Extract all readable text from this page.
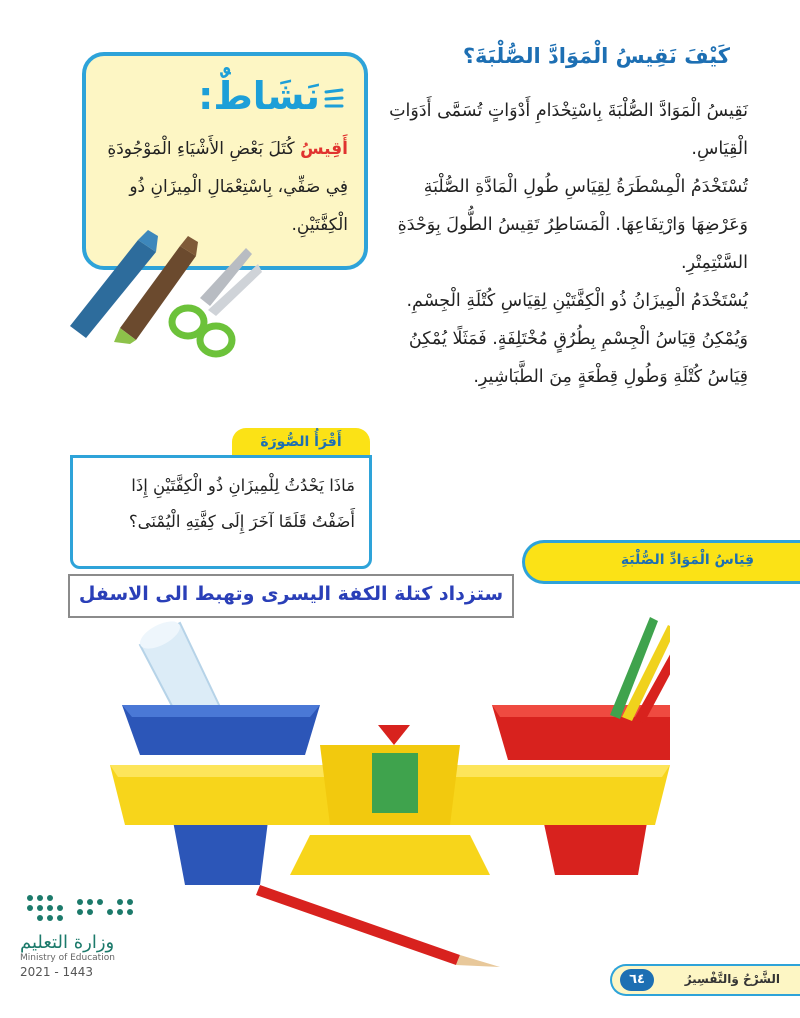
كَيْفَ نَقِيسُ الْمَوَادَّ الصُّلْبَةَ؟

نَقِيسُ الْمَوَادَّ الصُّلْبَةَ بِاسْتِخْدَامِ أَدْوَاتٍ تُسَمَّى أَدَوَاتِ الْقِيَاسِ.

تُسْتَخْدَمُ الْمِسْطَرَةُ لِقِيَاسِ طُولِ الْمَادَّةِ الصُّلْبَةِ وَعَرْضِهَا وَارْتِفَاعِهَا. الْمَسَاطِرُ تَقِيسُ الطُّولَ بِوَحْدَةِ السَّنْتِمِتْرِ.

يُسْتَخْدَمُ الْمِيزَانُ ذُو الْكِفَّتَيْنِ لِقِيَاسِ كُتْلَةِ الْجِسْمِ. وَيُمْكِنُ قِيَاسُ الْجِسْمِ بِطُرُقٍ مُخْتَلِفَةٍ. فَمَثَلًا يُمْكِنُ قِيَاسُ كُتْلَةِ وَطُولِ قِطْعَةٍ مِنَ الطَّبَاشِيرِ.

نَشَاطٌ:
أَقِيسُ كُتَلَ بَعْضِ الأَشْيَاءِ الْمَوْجُودَةِ فِي صَفِّي، بِاسْتِعْمَالِ الْمِيزَانِ ذُو الْكِفَّتَيْنِ.
أَقْرَأُ الصُّورَةَ
مَاذَا يَحْدُثُ لِلْمِيزَانِ ذُو الْكِفَّتَيْنِ إِذَا أَضَفْتُ قَلَمًا آخَرَ إِلَى كِفَّتِهِ الْيُمْنَى؟
قِيَاسُ الْمَوَادِّ الصُّلْبَةِ
ستزداد كتلة الكفة اليسرى وتهبط الى الاسفل
وزارة التعليم
Ministry of Education
2021 - 1443	٦٤	الشَّرْحُ وَالتَّفْسِيرُ
